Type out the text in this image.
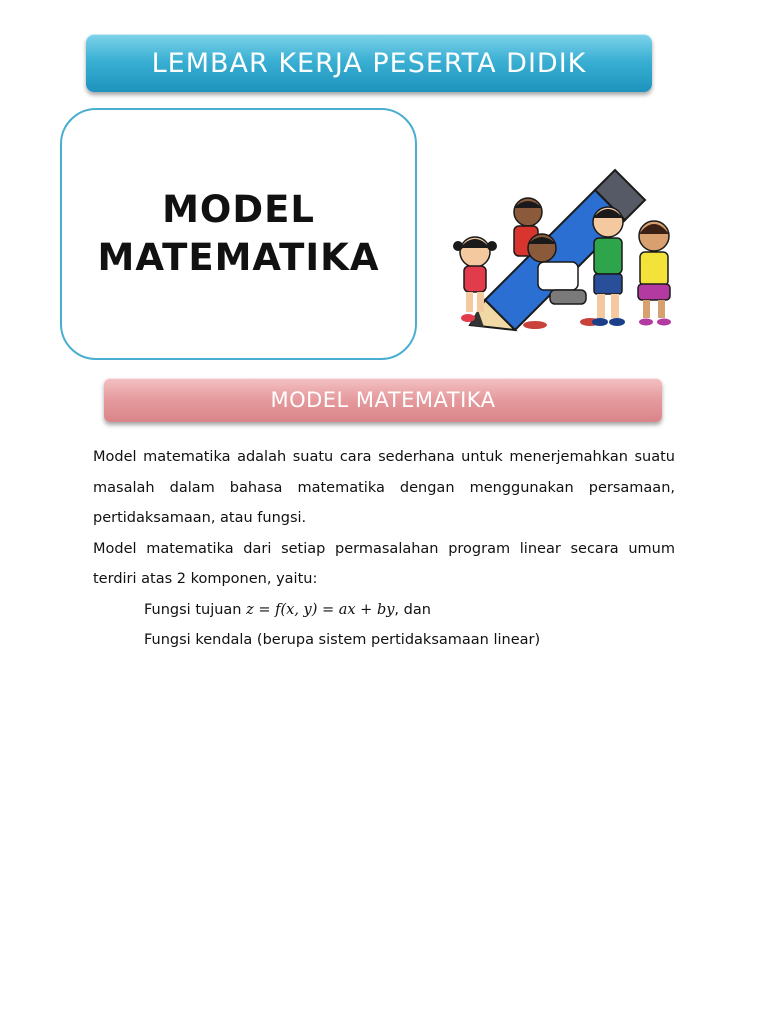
LEMBAR KERJA PESERTA DIDIK
MODEL
MATEMATIKA
MODEL MATEMATIKA

Model matematika adalah suatu cara sederhana untuk menerjemahkan suatu masalah dalam bahasa matematika dengan menggunakan persamaan, pertidaksamaan, atau fungsi.

Model matematika dari setiap permasalahan program linear secara umum terdiri atas 2 komponen, yaitu:

Fungsi tujuan z = f(x, y) = ax + by, dan

Fungsi kendala (berupa sistem pertidaksamaan linear)
